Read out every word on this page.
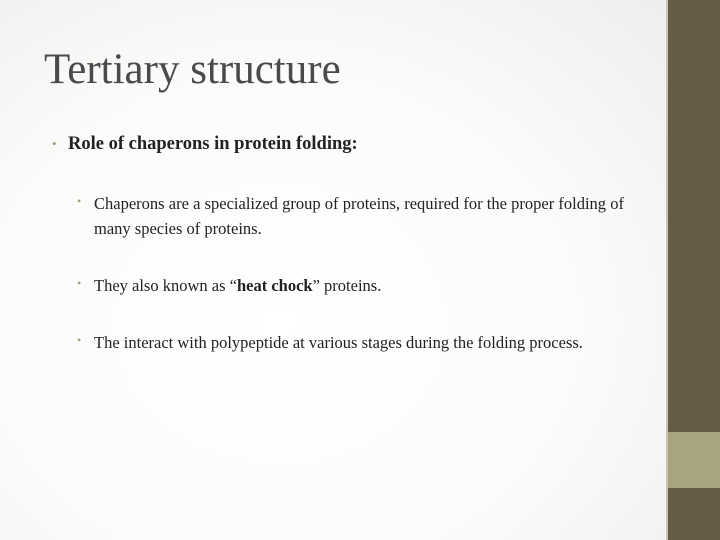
Tertiary structure
• Role of chaperons in protein folding:
• Chaperons are a specialized group of proteins, required for the proper folding of many species of proteins.
• They also known as “heat chock” proteins.
• The interact with polypeptide at various stages during the folding process.
